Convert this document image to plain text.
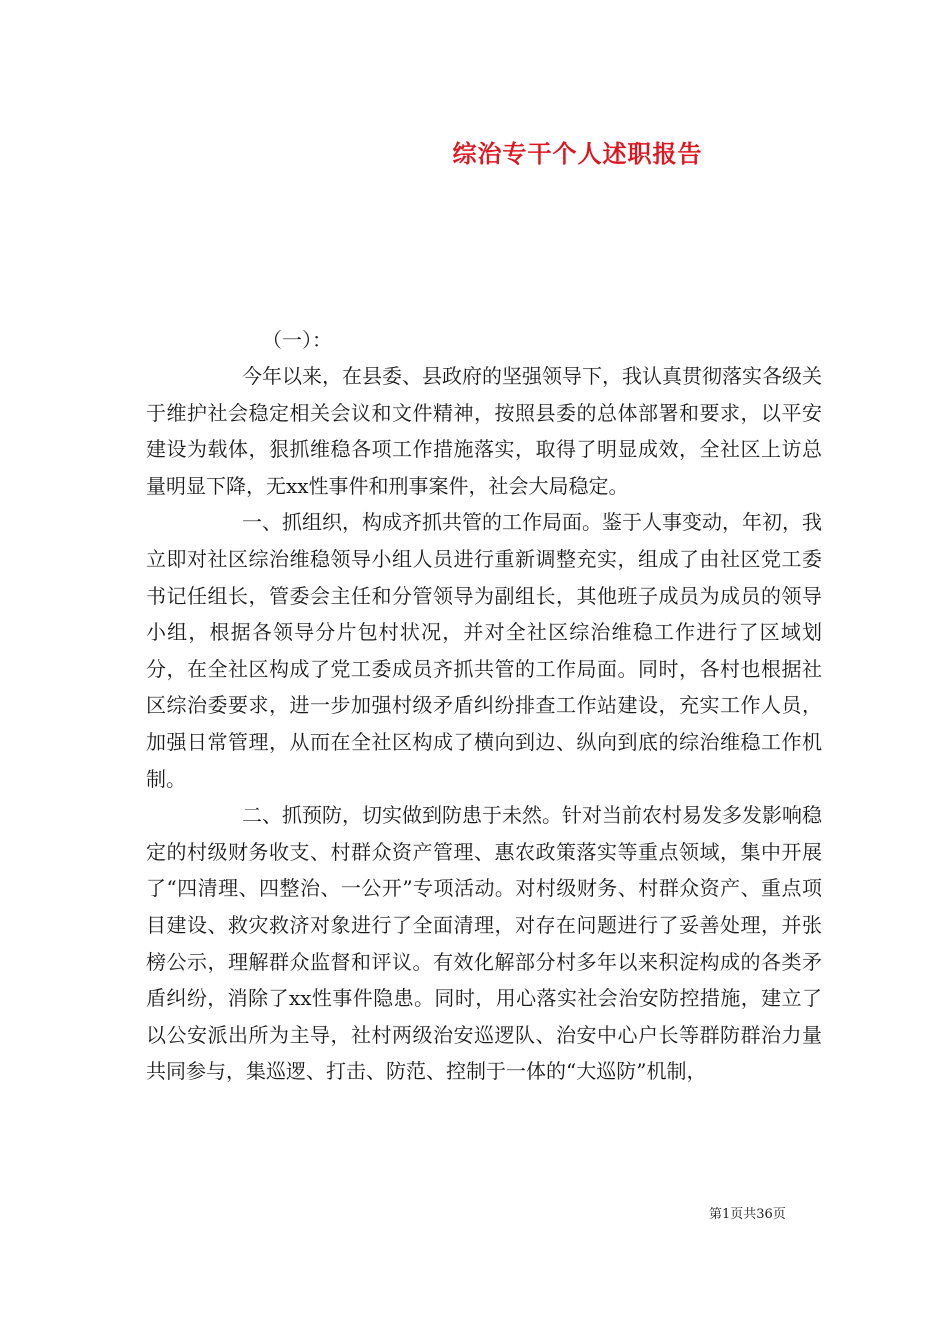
综治专干个人述职报告
（一）：

今年以来，在县委、县政府的坚强领导下，我认真贯彻落实各级关于维护社会稳定相关会议和文件精神，按照县委的总体部署和要求，以平安建设为载体，狠抓维稳各项工作措施落实，取得了明显成效，全社区上访总量明显下降，无xx性事件和刑事案件，社会大局稳定。

一、抓组织，构成齐抓共管的工作局面。鉴于人事变动，年初，我立即对社区综治维稳领导小组人员进行重新调整充实，组成了由社区党工委书记任组长，管委会主任和分管领导为副组长，其他班子成员为成员的领导小组，根据各领导分片包村状况，并对全社区综治维稳工作进行了区域划分，在全社区构成了党工委成员齐抓共管的工作局面。同时，各村也根据社区综治委要求，进一步加强村级矛盾纠纷排查工作站建设，充实工作人员，加强日常管理，从而在全社区构成了横向到边、纵向到底的综治维稳工作机制。

二、抓预防，切实做到防患于未然。针对当前农村易发多发影响稳定的村级财务收支、村群众资产管理、惠农政策落实等重点领域，集中开展了“四清理、四整治、一公开”专项活动。对村级财务、村群众资产、重点项目建设、救灾救济对象进行了全面清理，对存在问题进行了妥善处理，并张榜公示，理解群众监督和评议。有效化解部分村多年以来积淀构成的各类矛盾纠纷，消除了xx性事件隐患。同时，用心落实社会治安防控措施，建立了以公安派出所为主导，社村两级治安巡逻队、治安中心户长等群防群治力量共同参与，集巡逻、打击、防范、控制于一体的“大巡防”机制，

第1页共36页
